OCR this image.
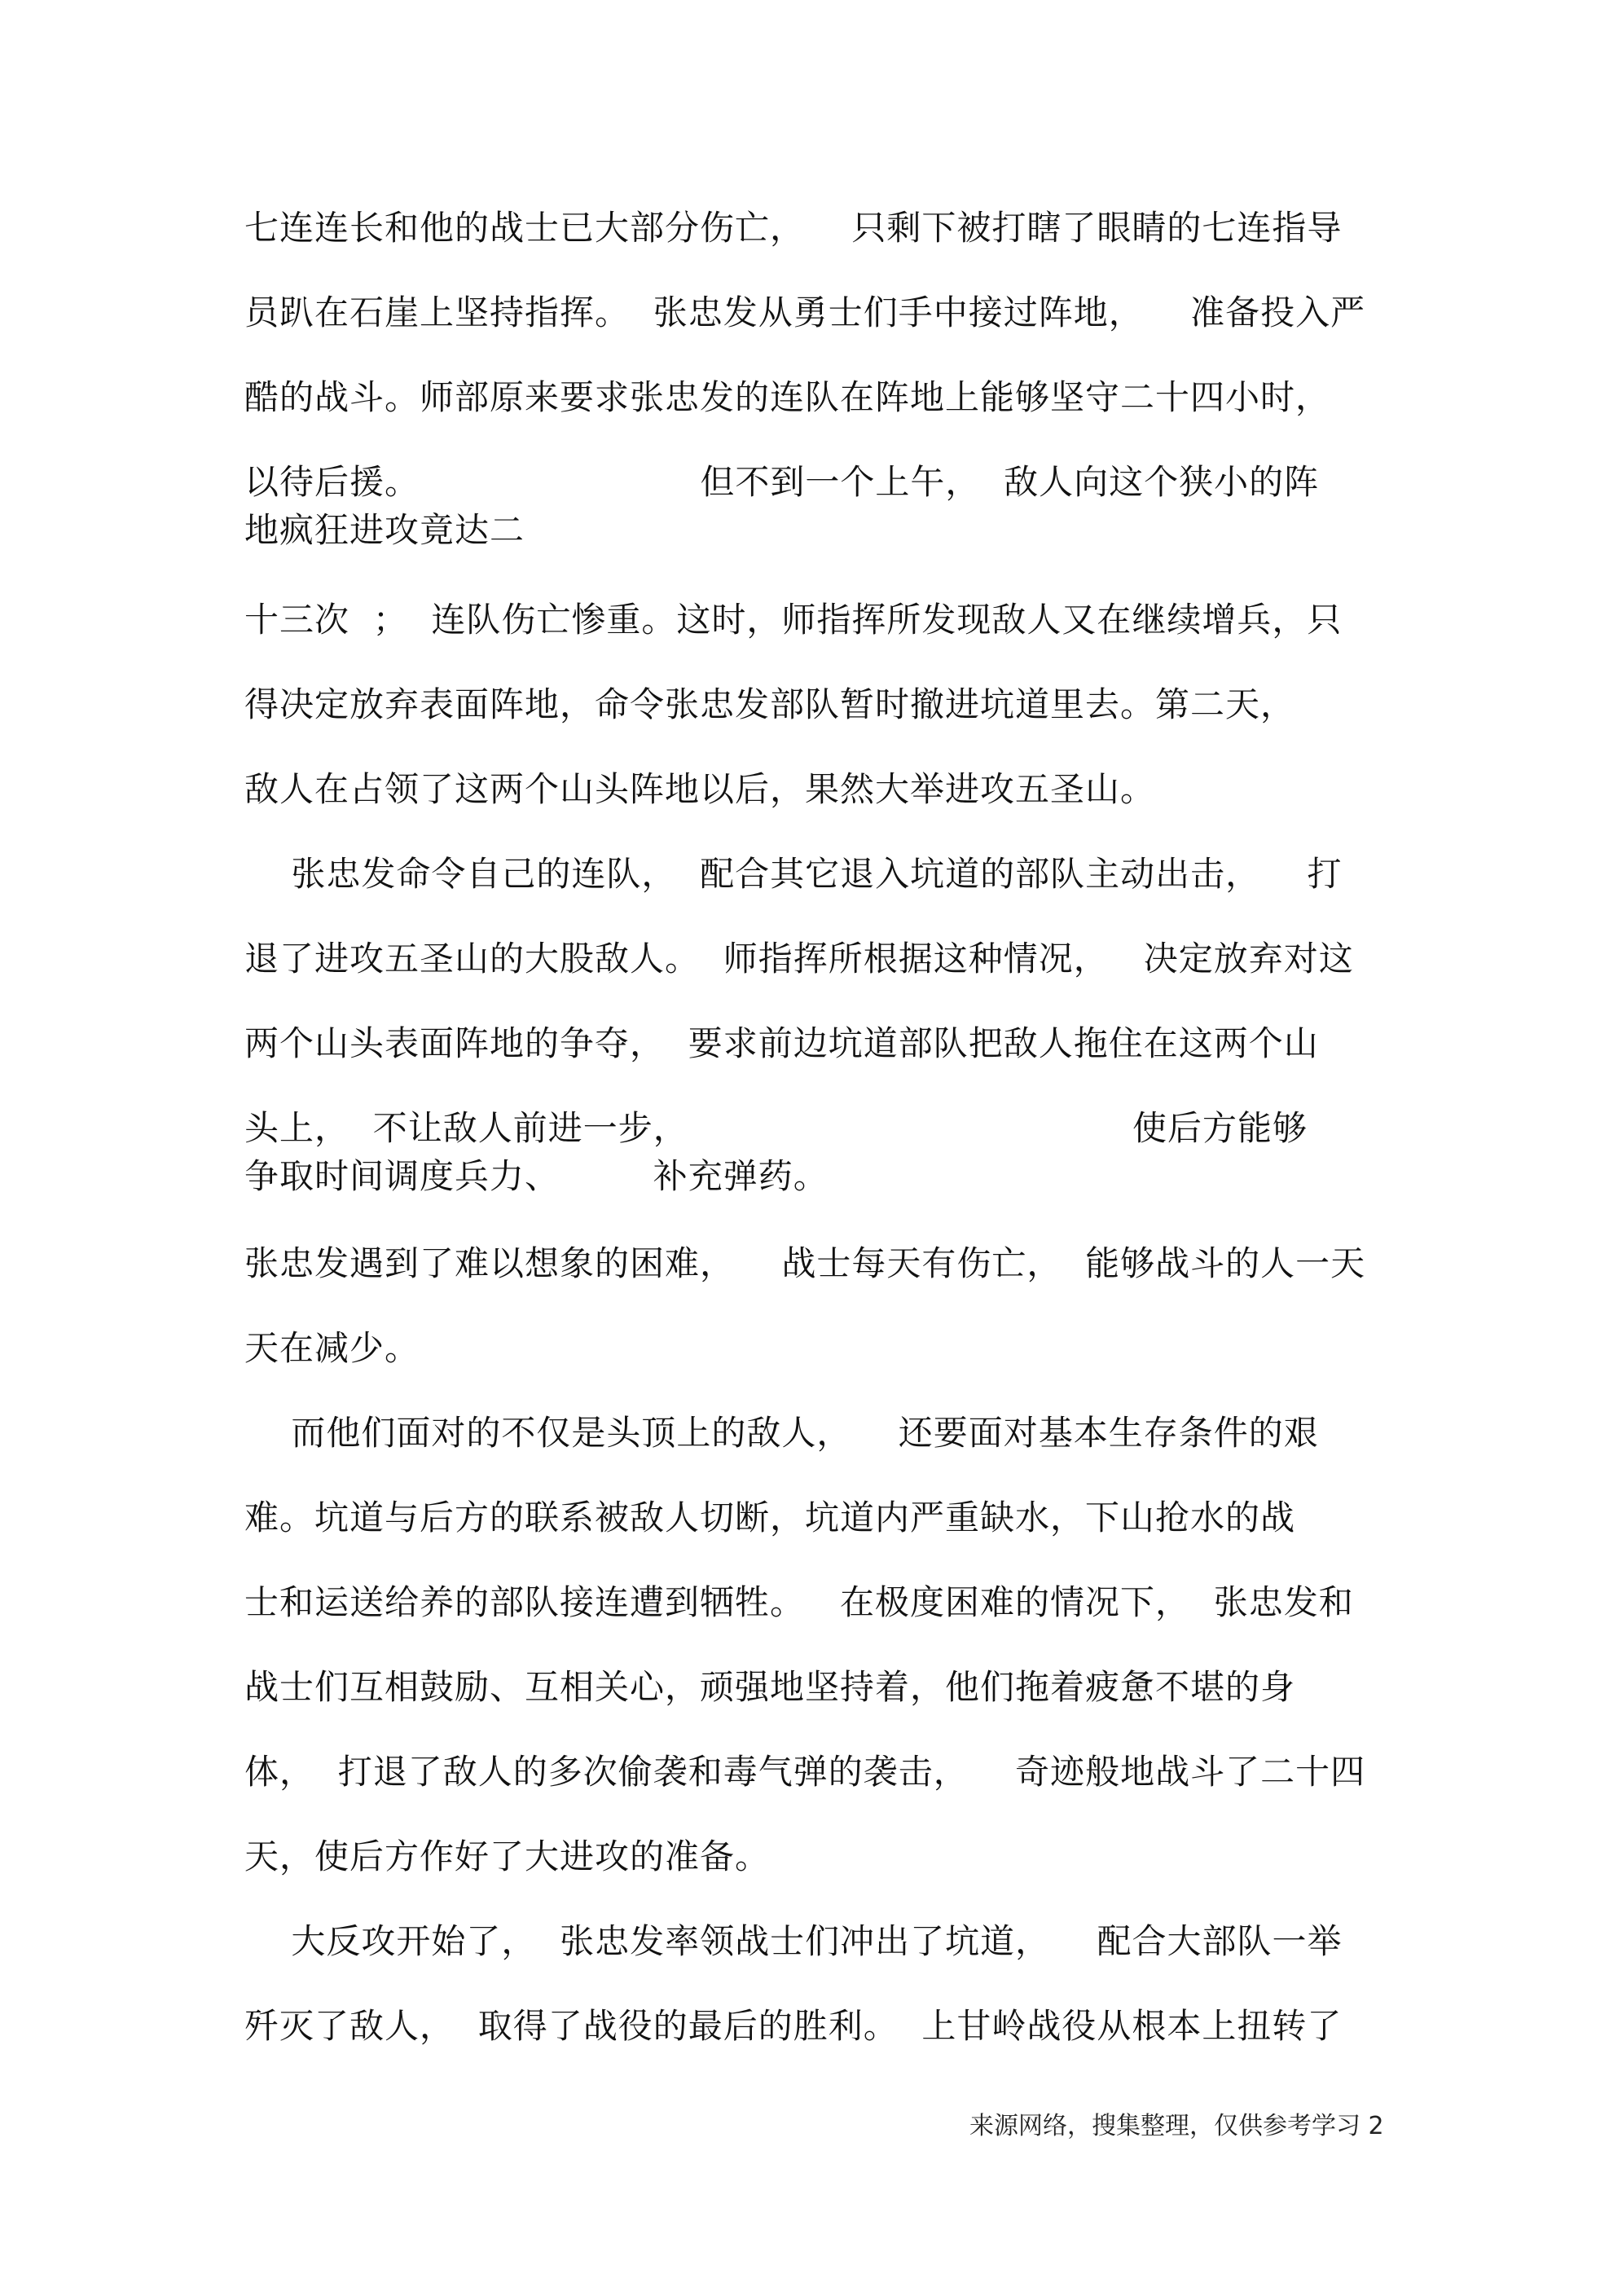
七连连长和他的战士已大部分伤亡，    只剩下被打瞎了眼睛的七连指导
员趴在石崖上坚持指挥。  张忠发从勇士们手中接过阵地，    准备投入严
酷的战斗。师部原来要求张忠发的连队在阵地上能够坚守二十四小时，
以待后援。                        但不到一个上午，  敌人向这个狭小的阵
地疯狂进攻竟达二
十三次  ；  连队伤亡惨重。这时，师指挥所发现敌人又在继续增兵，只
得决定放弃表面阵地，命令张忠发部队暂时撤进坑道里去。第二天，
敌人在占领了这两个山头阵地以后，果然大举进攻五圣山。
张忠发命令自己的连队，  配合其它退入坑道的部队主动出击，    打
退了进攻五圣山的大股敌人。  师指挥所根据这种情况，   决定放弃对这
两个山头表面阵地的争夺，  要求前边坑道部队把敌人拖住在这两个山
头上，  不让敌人前进一步，                                      使后方能够
争取时间调度兵力、        补充弹药。
张忠发遇到了难以想象的困难，    战士每天有伤亡，  能够战斗的人一天
天在减少。
而他们面对的不仅是头顶上的敌人，    还要面对基本生存条件的艰
难。坑道与后方的联系被敌人切断，坑道内严重缺水，下山抢水的战
士和运送给养的部队接连遭到牺牲。   在极度困难的情况下，  张忠发和
战士们互相鼓励、互相关心，顽强地坚持着，他们拖着疲惫不堪的身
体，  打退了敌人的多次偷袭和毒气弹的袭击，    奇迹般地战斗了二十四
天，使后方作好了大进攻的准备。
大反攻开始了，  张忠发率领战士们冲出了坑道，    配合大部队一举
歼灭了敌人，  取得了战役的最后的胜利。  上甘岭战役从根本上扭转了
来源网络，搜集整理，仅供参考学习 2
